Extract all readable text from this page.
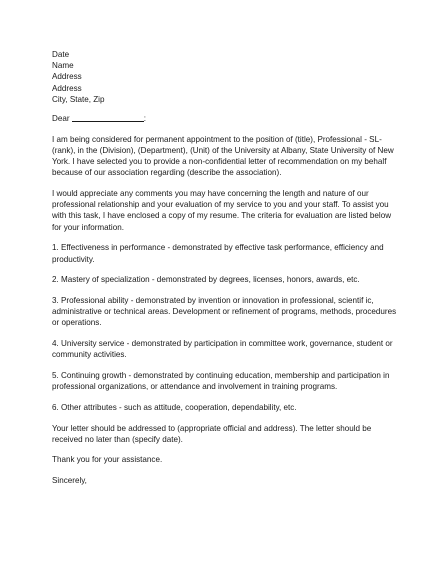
Date
Name
Address
Address
City, State, Zip
Dear	:

I am being considered for permanent appointment to the position of (title), Professional - SL-(rank), in the (Division), (Department), (Unit) of the University at Albany, State University of New York. I have selected you to provide a non-confidential letter of recommendation on my behalf because of our association regarding (describe the association).

I would appreciate any comments you may have concerning the length and nature of our professional relationship and your evaluation of my service to you and your staff. To assist you with this task, I have enclosed a copy of my resume. The criteria for evaluation are listed below for your information.

1. Effectiveness in performance - demonstrated by effective task performance, efficiency and productivity.

2. Mastery of specialization - demonstrated by degrees, licenses, honors, awards, etc.

3. Professional ability - demonstrated by invention or innovation in professional, scientif ic, administrative or technical areas. Development or refinement of programs, methods, procedures or operations.

4. University service - demonstrated by participation in committee work, governance, student or community activities.

5. Continuing growth - demonstrated by continuing education, membership and participation in professional organizations, or attendance and involvement in training programs.

6. Other attributes - such as attitude, cooperation, dependability, etc.

Your letter should be addressed to (appropriate official and address). The letter should be received no later than (specify date).

Thank you for your assistance.

Sincerely,
